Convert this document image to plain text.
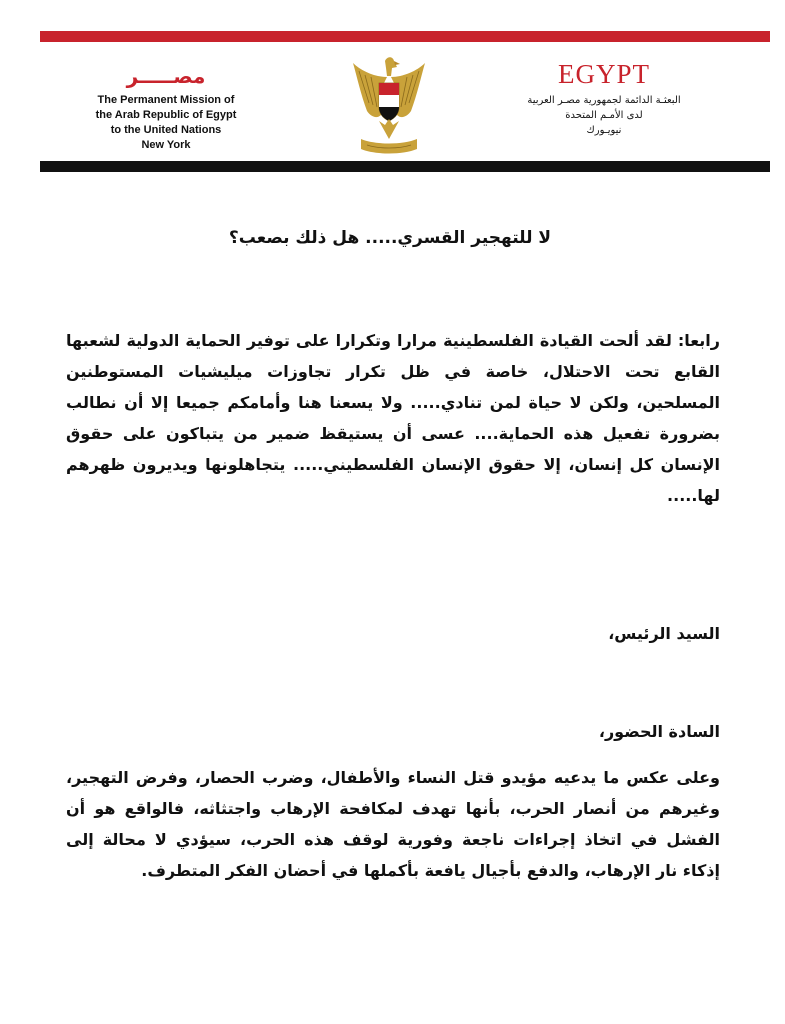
مصـــــر
The Permanent Mission of
the Arab Republic of Egypt
to the United Nations
New York
EGYPT
البعثـة الدائمة لجمهورية مصـر العربية
لدى الأمـم المتحدة
نيويـورك
لا للتهجير القسري..... هل ذلك بصعب؟

رابعا: لقد ألحت القيادة الفلسطينية مرارا وتكرارا على توفير الحماية الدولية لشعبها القابع تحت الاحتلال، خاصة في ظل تكرار تجاوزات ميليشيات المستوطنين المسلحين، ولكن لا حياة لمن تنادي..... ولا يسعنا هنا وأمامكم جميعا إلا أن نطالب بضرورة تفعيل هذه الحماية.... عسى أن يستيقظ ضمير من يتباكون على حقوق الإنسان كل إنسان، إلا حقوق الإنسان الفلسطيني..... يتجاهلونها ويديرون ظهرهم لها.....

السيد الرئيس،

السادة الحضور،

وعلى عكس ما يدعيه مؤيدو قتل النساء والأطفال، وضرب الحصار، وفرض التهجير، وغيرهم من أنصار الحرب، بأنها تهدف لمكافحة الإرهاب واجتثاثه، فالواقع هو أن الفشل في اتخاذ إجراءات ناجعة وفورية لوقف هذه الحرب، سيؤدي لا محالة إلى إذكاء نار الإرهاب، والدفع بأجيال يافعة بأكملها في أحضان الفكر المتطرف.
